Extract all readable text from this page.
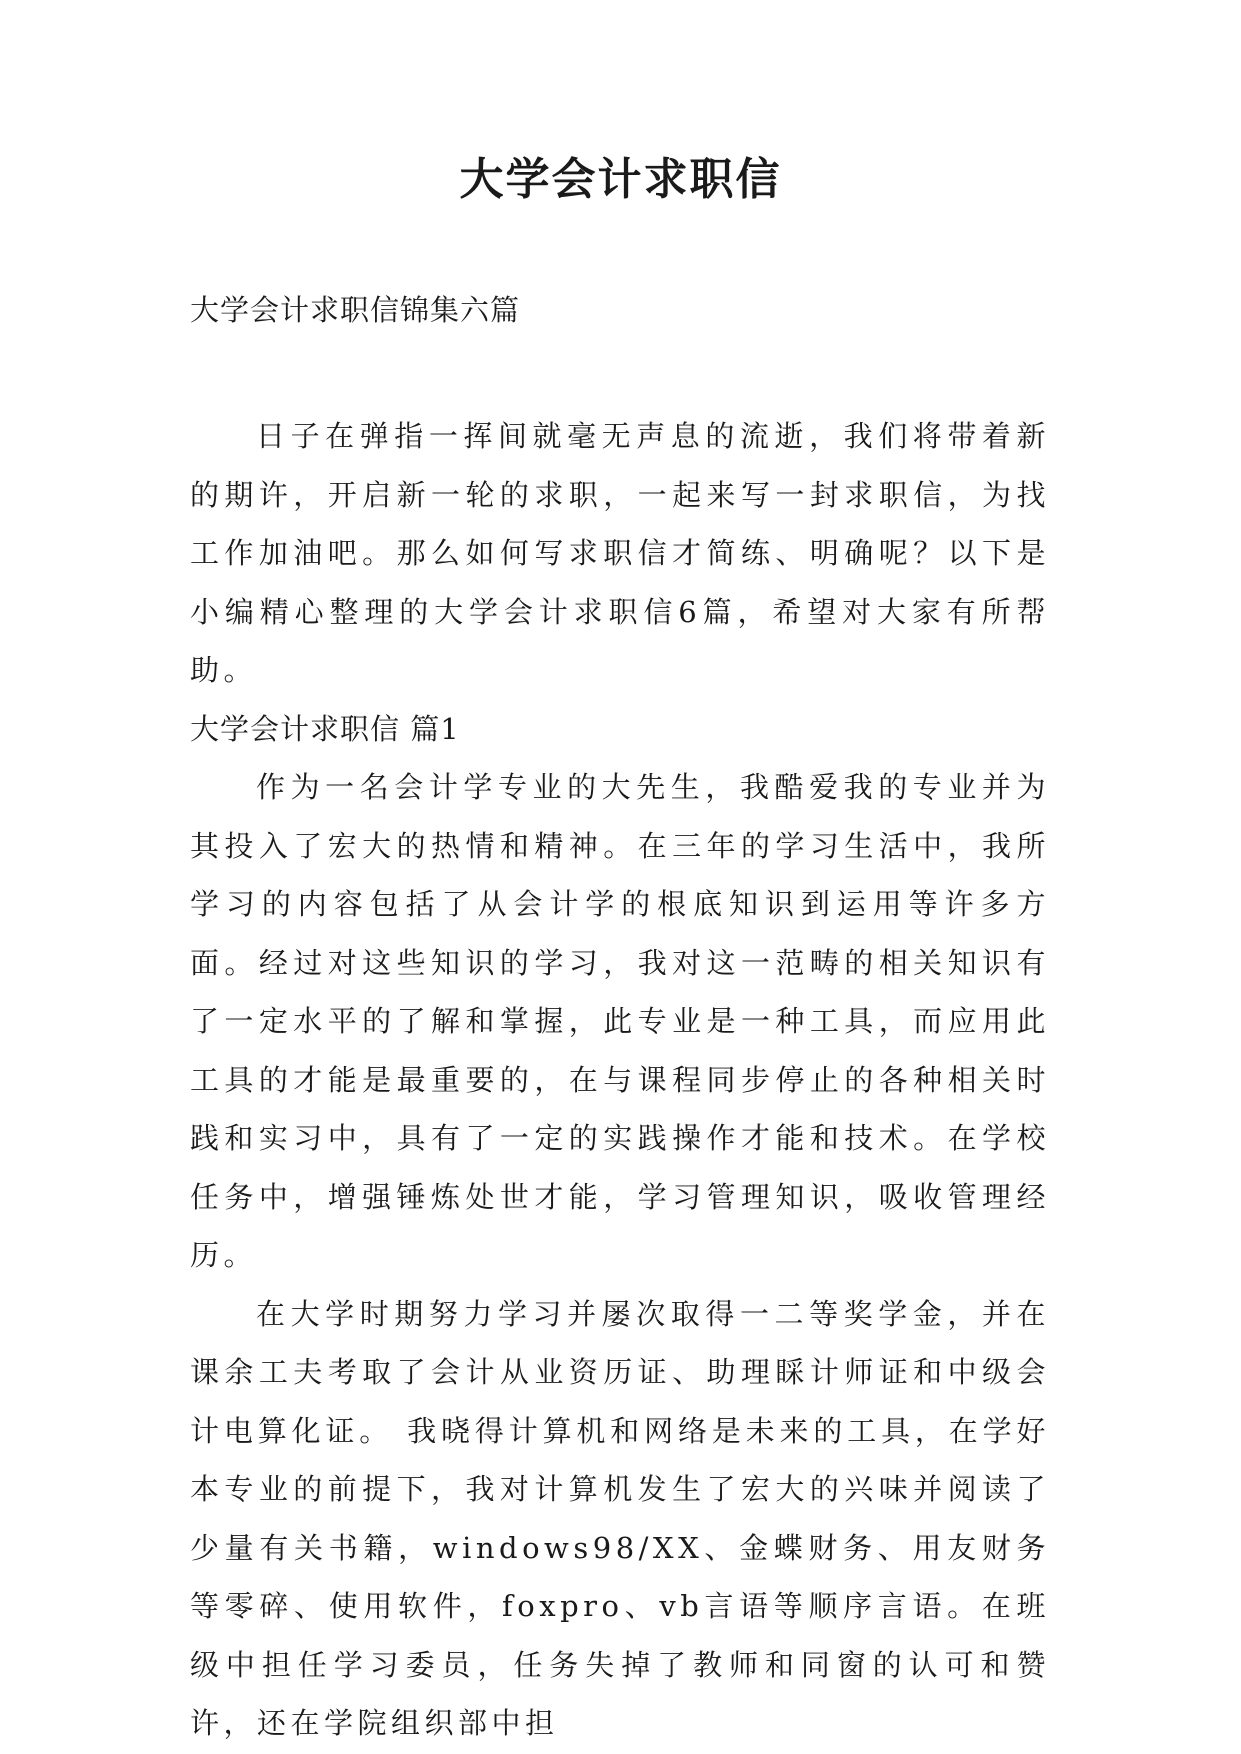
大学会计求职信

大学会计求职信锦集六篇

日子在弹指一挥间就毫无声息的流逝，我们将带着新的期许，开启新一轮的求职，一起来写一封求职信，为找工作加油吧。那么如何写求职信才简练、明确呢？以下是小编精心整理的大学会计求职信6篇，希望对大家有所帮助。

大学会计求职信 篇1

作为一名会计学专业的大先生，我酷爱我的专业并为其投入了宏大的热情和精神。在三年的学习生活中，我所学习的内容包括了从会计学的根底知识到运用等许多方面。经过对这些知识的学习，我对这一范畴的相关知识有了一定水平的了解和掌握，此专业是一种工具，而应用此工具的才能是最重要的，在与课程同步停止的各种相关时践和实习中，具有了一定的实践操作才能和技术。在学校任务中，增强锤炼处世才能，学习管理知识，吸收管理经历。

在大学时期努力学习并屡次取得一二等奖学金，并在课余工夫考取了会计从业资历证、助理睬计师证和中级会计电算化证。 我晓得计算机和网络是未来的工具，在学好本专业的前提下，我对计算机发生了宏大的兴味并阅读了少量有关书籍，windows98/XX、金蝶财务、用友财务等零碎、使用软件，foxpro、vb言语等顺序言语。在班级中担任学习委员，任务失掉了教师和同窗的认可和赞许，还在学院组织部中担
